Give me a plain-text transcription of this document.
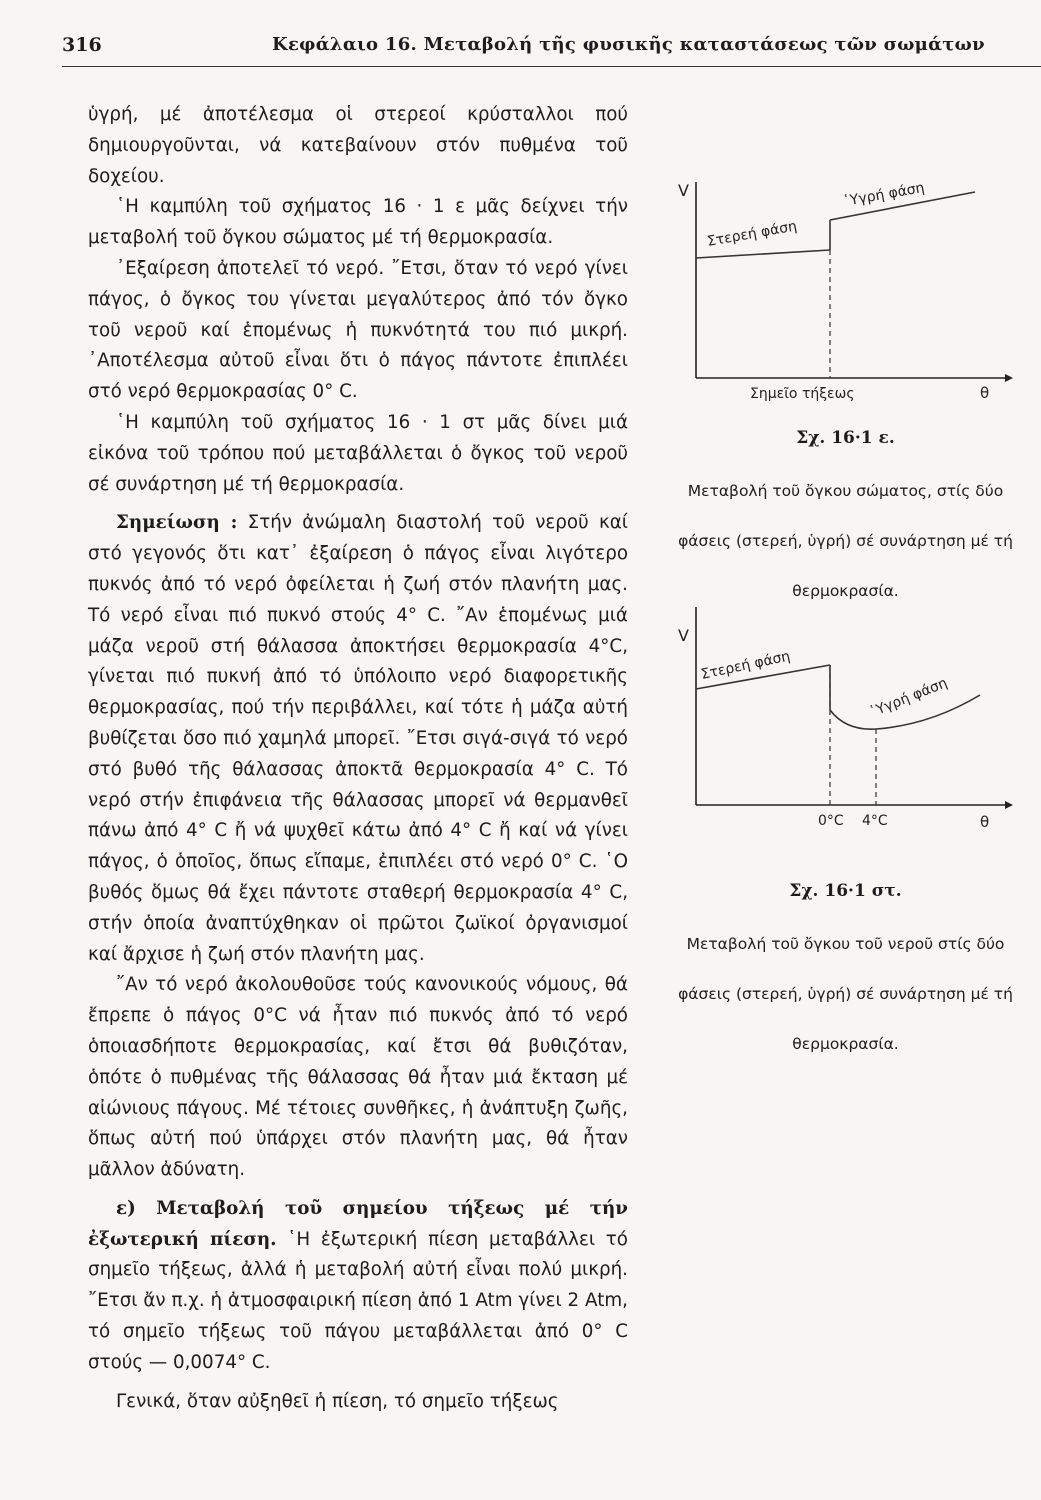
316	Κεφάλαιο 16. Μεταβολή τῆς φυσικῆς καταστάσεως τῶν σωμάτων

ὑγρή, μέ ἀποτέλεσμα οἱ στερεοί κρύσταλλοι πού δημιουργοῦνται, νά κατεβαίνουν στόν πυθμένα τοῦ δοχείου.

῾Η καμπύλη τοῦ σχήματος 16 · 1 ε μᾶς δείχνει τήν μεταβολή τοῦ ὄγκου σώματος μέ τή θερμοκρασία.

᾿Εξαίρεση ἀποτελεῖ τό νερό. ῎Ετσι, ὅταν τό νερό γίνει πάγος, ὁ ὄγκος του γίνεται μεγαλύτερος ἀπό τόν ὄγκο τοῦ νεροῦ καί ἑπομένως ἡ πυκνότητά του πιό μικρή. ᾿Αποτέλεσμα αὐτοῦ εἶναι ὅτι ὁ πάγος πάντοτε ἐπιπλέει στό νερό θερμοκρασίας 0° C.

῾Η καμπύλη τοῦ σχήματος 16 · 1 στ μᾶς δίνει μιά εἰκόνα τοῦ τρόπου πού μεταβάλλεται ὁ ὄγκος τοῦ νεροῦ σέ συνάρτηση μέ τή θερμοκρασία.

Σημείωση : Στήν ἀνώμαλη διαστολή τοῦ νεροῦ καί στό γεγονός ὅτι κατ᾿ ἐξαίρεση ὁ πάγος εἶναι λιγότερο πυκνός ἀπό τό νερό ὀφείλεται ἡ ζωή στόν πλανήτη μας. Τό νερό εἶναι πιό πυκνό στούς 4° C. ῎Αν ἑπομένως μιά μάζα νεροῦ στή θάλασσα ἀποκτήσει θερμοκρασία 4°C, γίνεται πιό πυκνή ἀπό τό ὑπόλοιπο νερό διαφορετικῆς θερμοκρασίας, πού τήν περιβάλλει, καί τότε ἡ μάζα αὐτή βυθίζεται ὅσο πιό χαμηλά μπορεῖ. ῎Ετσι σιγά-σιγά τό νερό στό βυθό τῆς θάλασσας ἀποκτᾶ θερμοκρασία 4° C. Τό νερό στήν ἐπιφάνεια τῆς θάλασσας μπορεῖ νά θερμανθεῖ πάνω ἀπό 4° C ἤ νά ψυχθεῖ κάτω ἀπό 4° C ἤ καί νά γίνει πάγος, ὁ ὁποῖος, ὅπως εἴπαμε, ἐπιπλέει στό νερό 0° C. ῾Ο βυθός ὅμως θά ἔχει πάντοτε σταθερή θερμοκρασία 4° C, στήν ὁποία ἀναπτύχθηκαν οἱ πρῶτοι ζωϊκοί ὀργανισμοί καί ἄρχισε ἡ ζωή στόν πλανήτη μας.

῎Αν τό νερό ἀκολουθοῦσε τούς κανονικούς νόμους, θά ἔπρεπε ὁ πάγος 0°C νά ἦταν πιό πυκνός ἀπό τό νερό ὁποιασδήποτε θερμοκρασίας, καί ἔτσι θά βυθιζόταν, ὁπότε ὁ πυθμένας τῆς θάλασσας θά ἦταν μιά ἔκταση μέ αἰώνιους πάγους. Μέ τέτοιες συνθῆκες, ἡ ἀνάπτυξη ζωῆς, ὅπως αὐτή πού ὑπάρχει στόν πλανήτη μας, θά ἦταν μᾶλλον ἀδύνατη.

ε) Μεταβολή τοῦ σημείου τήξεως μέ τήν ἐξωτερική πίεση. ῾Η ἐξωτερική πίεση μεταβάλλει τό σημεῖο τήξεως, ἀλλά ἡ μεταβολή αὐτή εἶναι πολύ μικρή. ῎Ετσι ἄν π.χ. ἡ ἀτμοσφαιρική πίεση ἀπό 1 Atm γίνει 2 Atm, τό σημεῖο τήξεως τοῦ πάγου μεταβάλλεται ἀπό 0° C στούς — 0,0074° C.

Γενικά, ὅταν αὐξηθεῖ ἡ πίεση, τό σημεῖο τήξεως

V
θ
Σημεῖο τήξεως
Στερεή φάση
῾Υγρή φάση
Σχ. 16·1 ε.

Μεταβολή τοῦ ὄγκου σώματος, στίς δύο

φάσεις (στερεή, ὑγρή) σέ συνάρτηση μέ τή

θερμοκρασία.

V
θ
0°C 4°C
Στερεή φάση
῾Υγρή φάση
Σχ. 16·1 στ.

Μεταβολή τοῦ ὄγκου τοῦ νεροῦ στίς δύο

φάσεις (στερεή, ὑγρή) σέ συνάρτηση μέ τή

θερμοκρασία.
